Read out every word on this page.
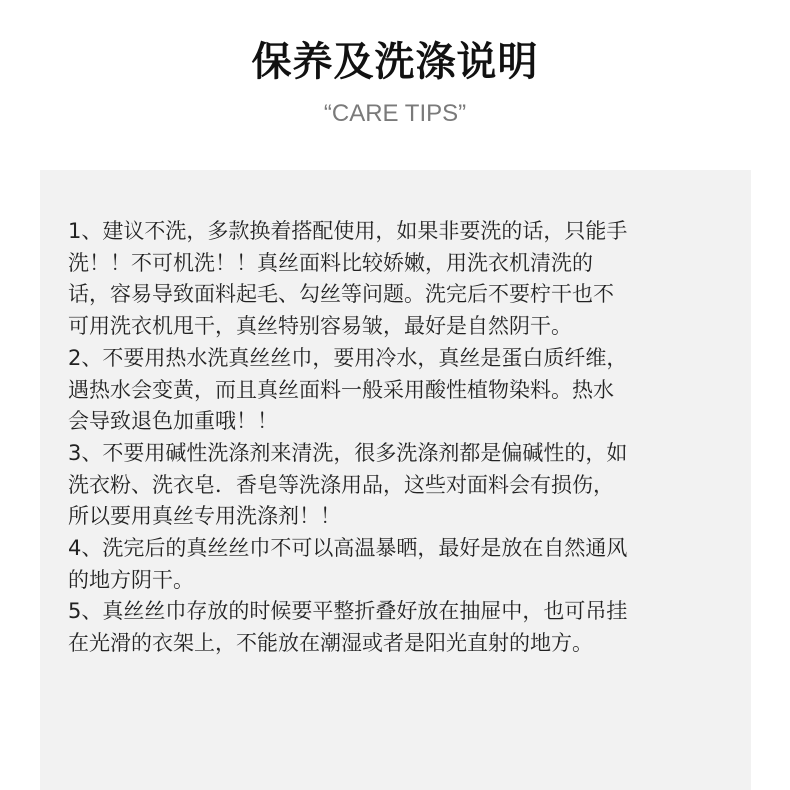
保养及洗涤说明
“CARE TIPS”
1、建议不洗，多款换着搭配使用，如果非要洗的话，只能手
洗！！不可机洗！！真丝面料比较娇嫩，用洗衣机清洗的
话，容易导致面料起毛、勾丝等问题。洗完后不要柠干也不
可用洗衣机甩干，真丝特别容易皱，最好是自然阴干。
2、不要用热水洗真丝丝巾，要用冷水，真丝是蛋白质纤维，
遇热水会变黄，而且真丝面料一般采用酸性植物染料。热水
会导致退色加重哦！！
3、不要用碱性洗涤剂来清洗，很多洗涤剂都是偏碱性的，如
洗衣粉、洗衣皂．香皂等洗涤用品，这些对面料会有损伤，
所以要用真丝专用洗涤剂！！
4、洗完后的真丝丝巾不可以高温暴晒，最好是放在自然通风
的地方阴干。
5、真丝丝巾存放的时候要平整折叠好放在抽屉中，也可吊挂
在光滑的衣架上，不能放在潮湿或者是阳光直射的地方。
